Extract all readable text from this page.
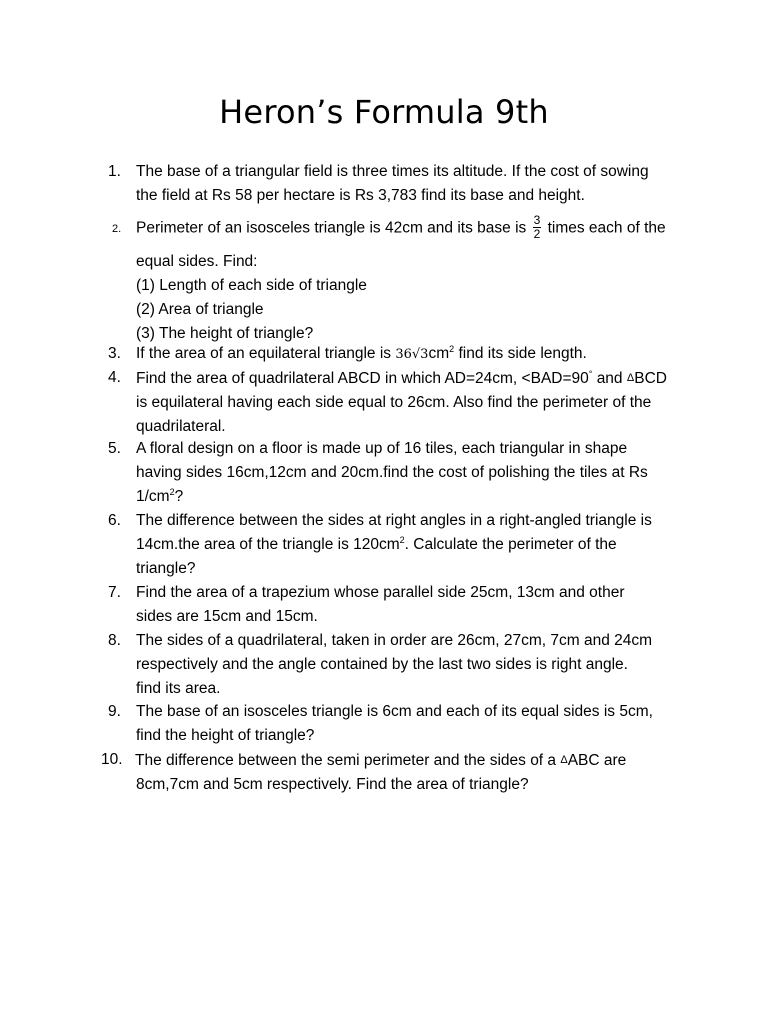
Heron’s Formula 9th
1. The base of a triangular field is three times its altitude. If the cost of sowing
the field at Rs 58 per hectare is Rs 3,783 find its base and height.
2. Perimeter of an isosceles triangle is 42cm and its base is $\frac{3}{2}$ times each of the
equal sides. Find:
(1) Length of each side of triangle
(2) Area of triangle
(3) The height of triangle?
3. If the area of an equilateral triangle is $36√3cm^2$ find its side length.
4. Find the area of quadrilateral ABCD in which AD=24cm, <BAD=90° and ΔBCD
is equilateral having each side equal to 26cm. Also find the perimeter of the
quadrilateral.
5. A floral design on a floor is made up of 16 tiles, each triangular in shape
having sides 16cm,12cm and 20cm.find the cost of polishing the tiles at Rs
$1/cm^2$?
6. The difference between the sides at right angles in a right-angled triangle is
14cm.the area of the triangle is $120cm^2$. Calculate the perimeter of the
triangle?
7. Find the area of a trapezium whose parallel side 25cm, 13cm and other
sides are 15cm and 15cm.
8. The sides of a quadrilateral, taken in order are 26cm, 27cm, 7cm and 24cm
respectively and the angle contained by the last two sides is right angle.
find its area.
9. The base of an isosceles triangle is 6cm and each of its equal sides is 5cm,
find the height of triangle?
10. The difference between the semi perimeter and the sides of a ΔABC are
8cm,7cm and 5cm respectively. Find the area of triangle?
